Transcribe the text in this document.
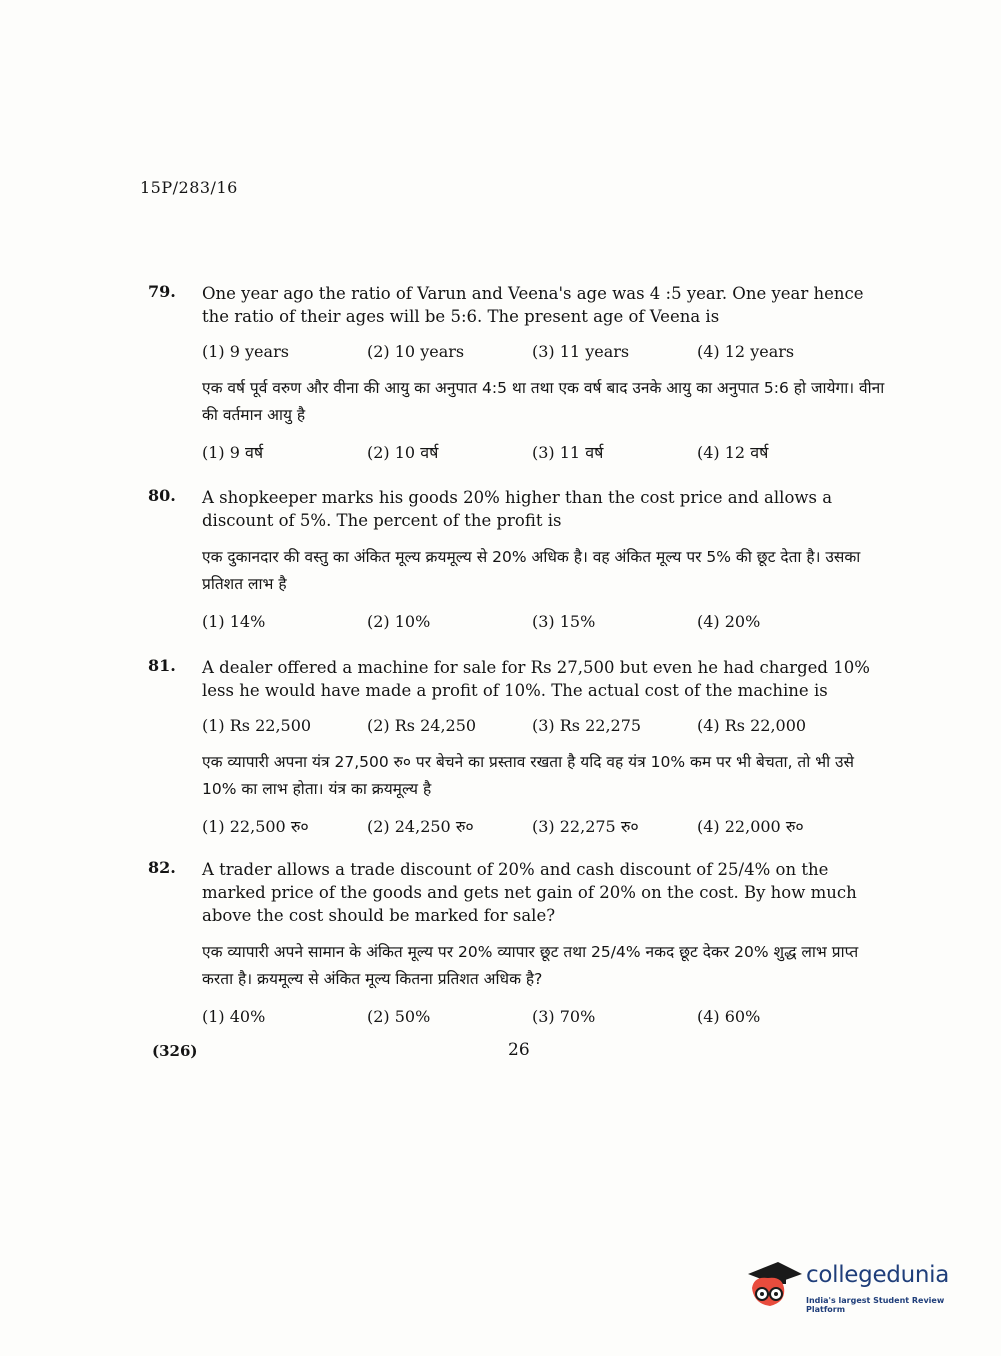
15P/283/16
79. One year ago the ratio of Varun and Veena's age was 4 :5 year. One year hence the ratio of their ages will be 5:6. The present age of Veena is

(1) 9 years	(2) 10 years	(3) 11 years	(4) 12 years

एक वर्ष पूर्व वरुण और वीना की आयु का अनुपात 4:5 था तथा एक वर्ष बाद उनके आयु का अनुपात 5:6 हो जायेगा। वीना की वर्तमान आयु है

(1) 9 वर्ष	(2) 10 वर्ष	(3) 11 वर्ष	(4) 12 वर्ष
80. A shopkeeper marks his goods 20% higher than the cost price and allows a discount of 5%. The percent of the profit is

एक दुकानदार की वस्तु का अंकित मूल्य क्रयमूल्य से 20% अधिक है। वह अंकित मूल्य पर 5% की छूट देता है। उसका प्रतिशत लाभ है

(1) 14%	(2) 10%	(3) 15%	(4) 20%
81. A dealer offered a machine for sale for Rs 27,500 but even he had charged 10% less he would have made a profit of 10%. The actual cost of the machine is

(1) Rs 22,500	(2) Rs 24,250	(3) Rs 22,275	(4) Rs 22,000

एक व्यापारी अपना यंत्र 27,500 रु० पर बेचने का प्रस्ताव रखता है यदि वह यंत्र 10% कम पर भी बेचता, तो भी उसे 10% का लाभ होता। यंत्र का क्रयमूल्य है

(1) 22,500 रु०	(2) 24,250 रु०	(3) 22,275 रु०	(4) 22,000 रु०
82. A trader allows a trade discount of 20% and cash discount of 25/4% on the marked price of the goods and gets net gain of 20% on the cost. By how much above the cost should be marked for sale?

एक व्यापारी अपने सामान के अंकित मूल्य पर 20% व्यापार छूट तथा 25/4% नकद छूट देकर 20% शुद्ध लाभ प्राप्त करता है। क्रयमूल्य से अंकित मूल्य कितना प्रतिशत अधिक है?

(1) 40%	(2) 50%	(3) 70%	(4) 60%
(326)	26
collegedunia
India's largest Student Review Platform
